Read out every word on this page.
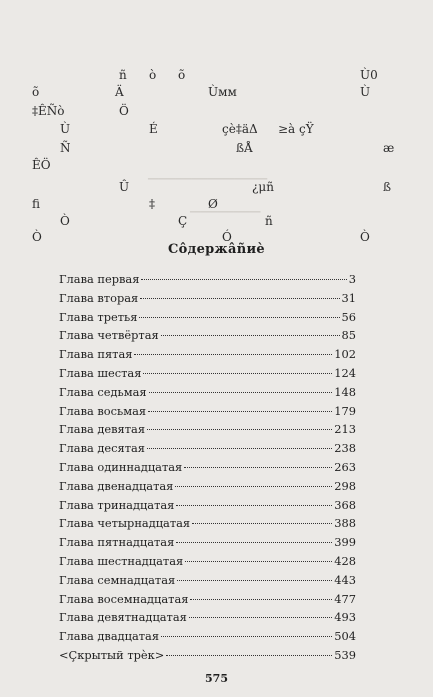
━━━━━━━━━━━━━━━━━━━━━━
━━━━━━━━━━━━━
ñ ò õ	Ù0
õ	Ä	Ùмм	Ù
‡ÊÑò	Ö
Ù	É	çè‡äΔ ≥à çŸ
Ñ	ßÅ	æ
ÊÖ
Û	¿μñ	ß
fi	‡	Ø
Ò	Ç	ñ
Ò	Ó	Ò
Сôдержâñиè
Глава первая	3
Глава вторая	31
Глава третья	56
Глава четвёртая	85
Глава пятая	102
Глава шестая	124
Глава седьмая	148
Глава восьмая	179
Глава девятая	213
Глава десятая	238
Глава одиннадцатая	263
Глава двенадцатая	298
Глава тринадцатая	368
Глава четырнадцатая	388
Глава пятнадцатая	399
Глава шестнадцатая	428
Глава семнадцатая	443
Глава восемнадцатая	477
Глава девятнадцатая	493
Глава двадцатая	504
<Çкрытый трèк>	539
575
